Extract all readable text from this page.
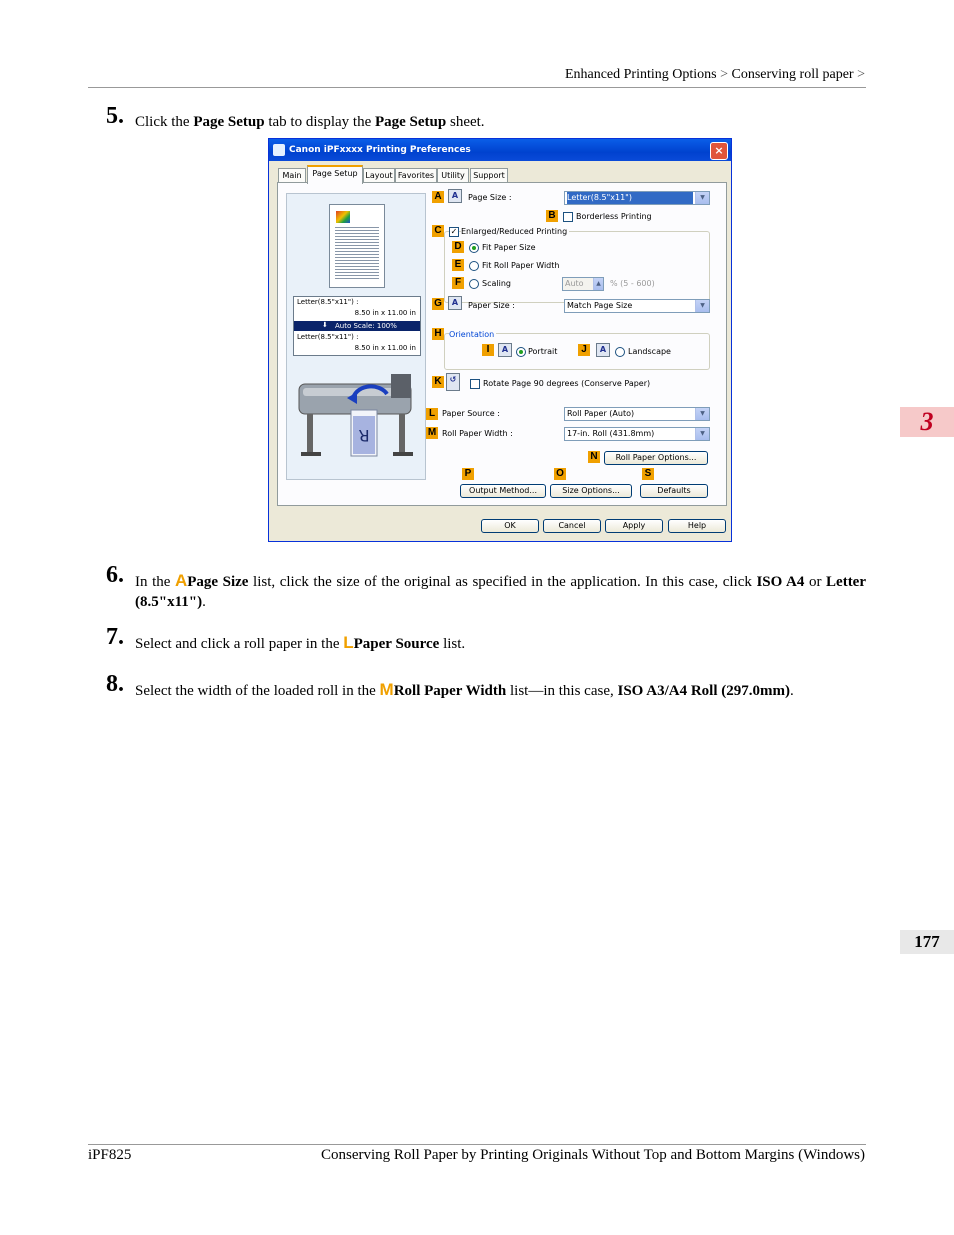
Enhanced Printing Options > Conserving roll paper >
5. Click the Page Setup tab to display the Page Setup sheet.
Canon iPFxxxx Printing Preferences	×
Main	Page Setup Layout Favorites Utility	Support
Letter(8.5"x11") :
8.50 in x 11.00 in
⬇	Auto Scale: 100%
Letter(8.5"x11") :
8.50 in x 11.00 in
R
A	A	Page Size :	Letter(8.5"x11")	▼
B	Borderless Printing
C ✓ Enlarged/Reduced Printing
D	Fit Paper Size
E	Fit Roll Paper Width
F	Scaling	Auto	▲ % (5 - 600)
G	A	Paper Size :	Match Page Size	▼
H Orientation
I	A	Portrait	J	A	Landscape
K	↺	Rotate Page 90 degrees (Conserve Paper)
L Paper Source :	Roll Paper (Auto)	▼
M Roll Paper Width :	17-in. Roll (431.8mm)	▼
N	Roll Paper Options...
P	O	S
Output Method...	Size Options...	Defaults
OK	Cancel	Apply	Help
6. In the APage Size list, click the size of the original as specified in the application. In this case, click ISO A4 or Letter (8.5"x11").
7. Select and click a roll paper in the LPaper Source list.
8. Select the width of the loaded roll in the MRoll Paper Width list—in this case, ISO A3/A4 Roll (297.0mm).
3
177
iPF825	Conserving Roll Paper by Printing Originals Without Top and Bottom Margins (Windows)
